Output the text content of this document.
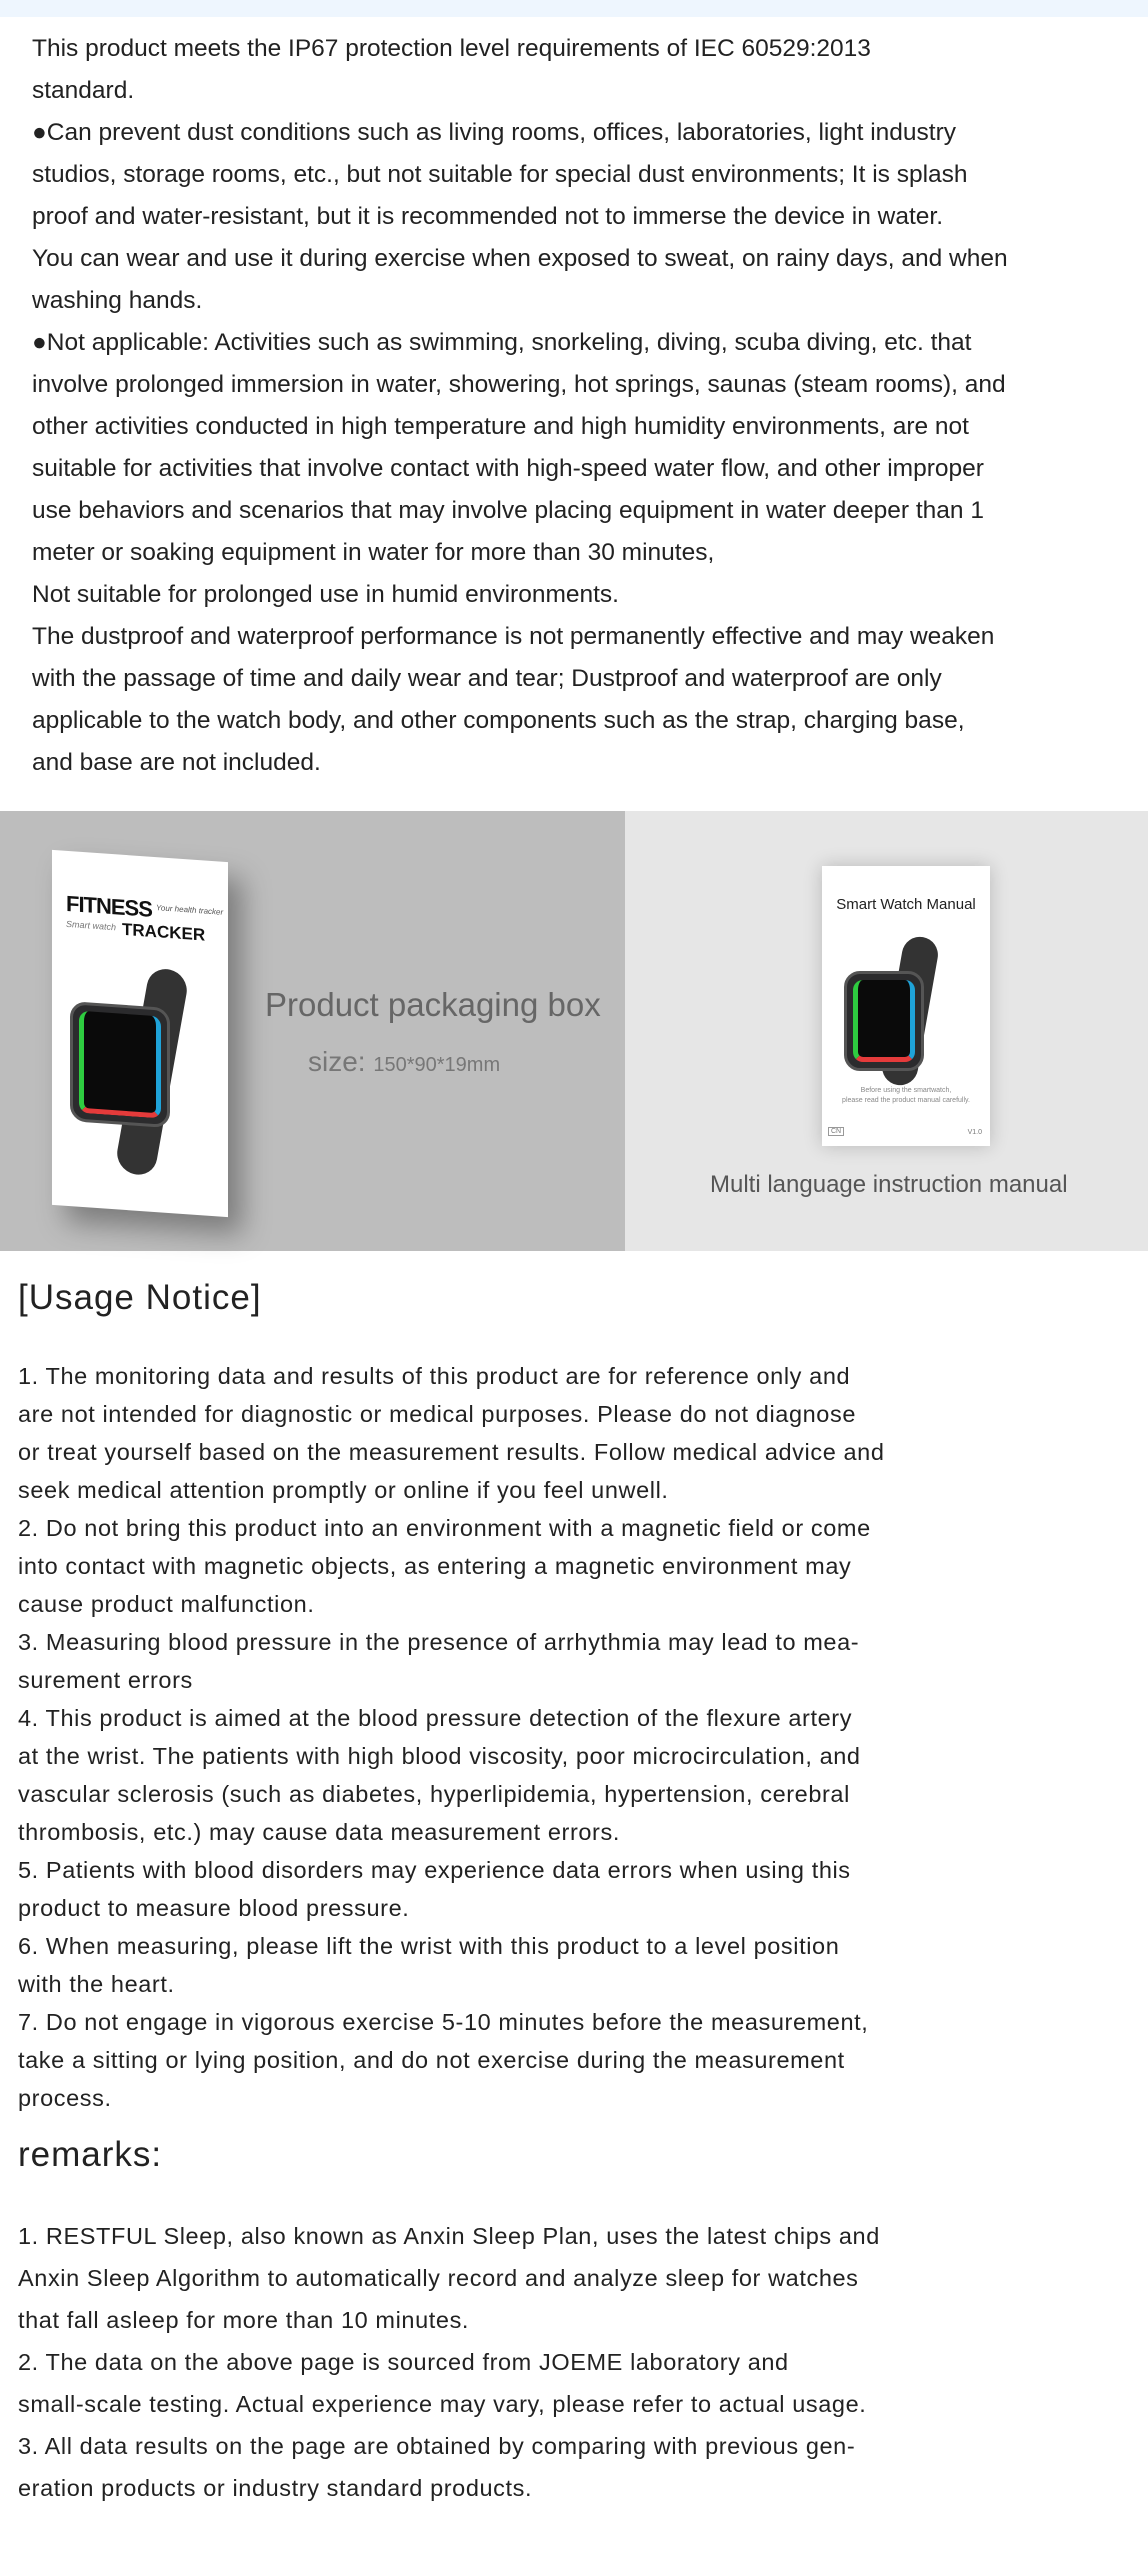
This product meets the IP67 protection level requirements of IEC 60529:2013
standard.
●Can prevent dust conditions such as living rooms, offices, laboratories, light industry
studios, storage rooms, etc., but not suitable for special dust environments; It is splash
proof and water-resistant, but it is recommended not to immerse the device in water.
You can wear and use it during exercise when exposed to sweat, on rainy days, and when
washing hands.
●Not applicable: Activities such as swimming, snorkeling, diving, scuba diving, etc. that
involve prolonged immersion in water, showering, hot springs, saunas (steam rooms), and
other activities conducted in high temperature and high humidity environments, are not
suitable for activities that involve contact with high-speed water flow, and other improper
use behaviors and scenarios that may involve placing equipment in water deeper than 1
meter or soaking equipment in water for more than 30 minutes,
Not suitable for prolonged use in humid environments.
The dustproof and waterproof performance is not permanently effective and may weaken
with the passage of time and daily wear and tear; Dustproof and waterproof are only
applicable to the watch body, and other components such as the strap, charging base,
and base are not included.
FITNESS Your health tracker
Smart watch TRACKER
Product packaging box
size: 150*90*19mm
Smart Watch Manual
Before using the smartwatch,
please read the product manual carefully.
CN	V1.0
Multi language instruction manual
[Usage Notice]
1. The monitoring data and results of this product are for reference only and
are not intended for diagnostic or medical purposes. Please do not diagnose
or treat yourself based on the measurement results. Follow medical advice and
seek medical attention promptly or online if you feel unwell.
2. Do not bring this product into an environment with a magnetic field or come
into contact with magnetic objects, as entering a magnetic environment may
cause product malfunction.
3. Measuring blood pressure in the presence of arrhythmia may lead to mea-
surement errors
4. This product is aimed at the blood pressure detection of the flexure artery
at the wrist. The patients with high blood viscosity, poor microcirculation, and
vascular sclerosis (such as diabetes, hyperlipidemia, hypertension, cerebral
thrombosis, etc.) may cause data measurement errors.
5. Patients with blood disorders may experience data errors when using this
product to measure blood pressure.
6. When measuring, please lift the wrist with this product to a level position
with the heart.
7. Do not engage in vigorous exercise 5-10 minutes before the measurement,
take a sitting or lying position, and do not exercise during the measurement
process.
remarks:
1. RESTFUL Sleep, also known as Anxin Sleep Plan, uses the latest chips and
Anxin Sleep Algorithm to automatically record and analyze sleep for watches
that fall asleep for more than 10 minutes.
2. The data on the above page is sourced from JOEME laboratory and
small-scale testing. Actual experience may vary, please refer to actual usage.
3. All data results on the page are obtained by comparing with previous gen-
eration products or industry standard products.
